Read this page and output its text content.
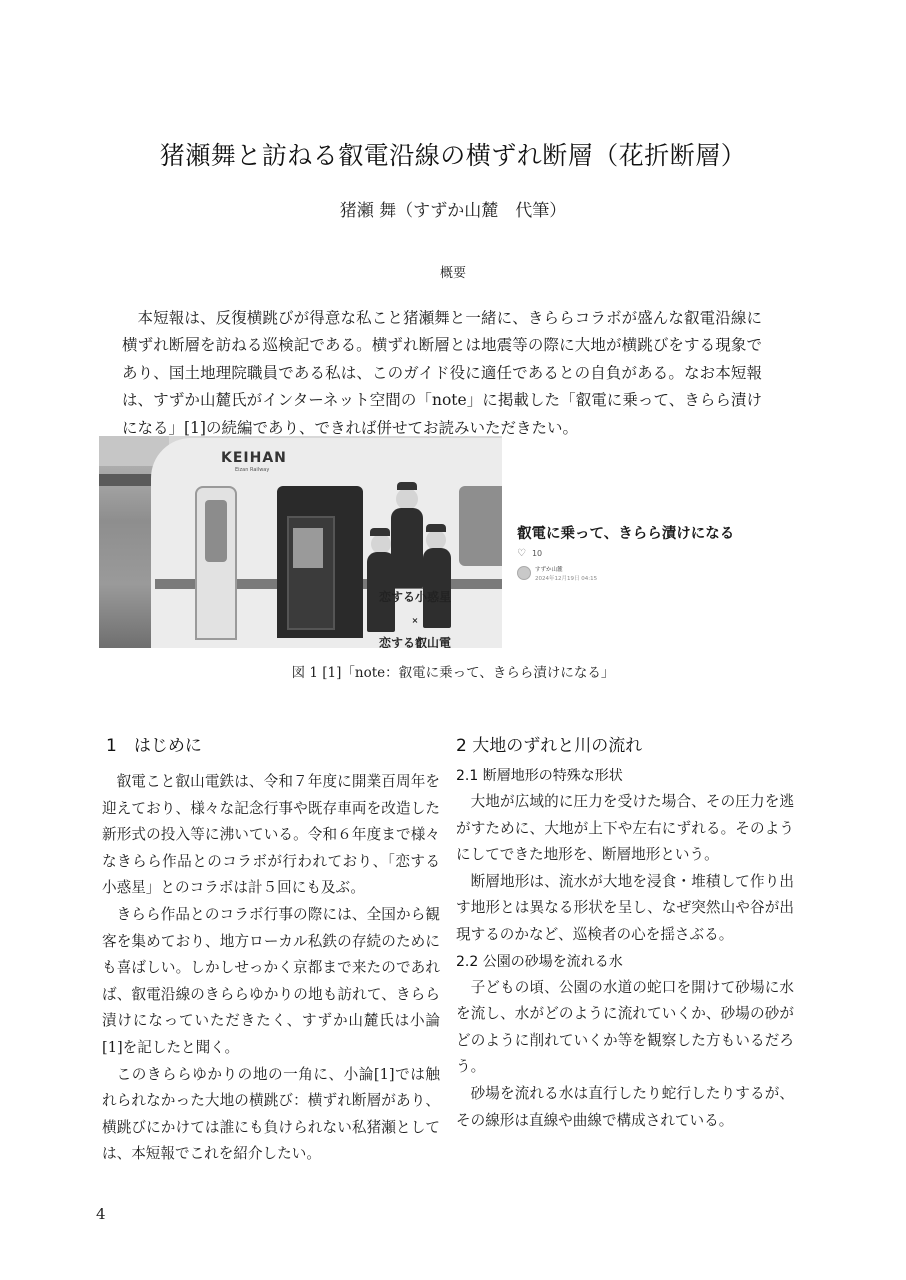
猪瀬舞と訪ねる叡電沿線の横ずれ断層（花折断層）
猪瀬 舞（すずか山麓　代筆）
概要

本短報は、反復横跳びが得意な私こと猪瀬舞と一緒に、きららコラボが盛んな叡電沿線に横ずれ断層を訪ねる巡検記である。横ずれ断層とは地震等の際に大地が横跳びをする現象であり、国土地理院職員である私は、このガイド役に適任であるとの自負がある。なお本短報は、すずか山麓氏がインターネット空間の「note」に掲載した「叡電に乗って、きらら漬けになる」[1]の続編であり、できれば併せてお読みいただきたい。

KEIHAN
Eizan Railway
恋する小惑星
×
恋する叡山電
叡電に乗って、きらら漬けになる
♡ 10
すずか山麓
2024年12月19日 04:15
図 1 [1]「note：叡電に乗って、きらら漬けになる」
1　はじめに

叡電こと叡山電鉄は、令和７年度に開業百周年を迎えており、様々な記念行事や既存車両を改造した新形式の投入等に沸いている。令和６年度まで様々なきらら作品とのコラボが行われており、「恋する小惑星」とのコラボは計５回にも及ぶ。

きらら作品とのコラボ行事の際には、全国から観客を集めており、地方ローカル私鉄の存続のためにも喜ばしい。しかしせっかく京都まで来たのであれば、叡電沿線のきららゆかりの地も訪れて、きらら漬けになっていただきたく、すずか山麓氏は小論[1]を記したと聞く。

このきららゆかりの地の一角に、小論[1]では触れられなかった大地の横跳び：横ずれ断層があり、横跳びにかけては誰にも負けられない私猪瀬としては、本短報でこれを紹介したい。

2 大地のずれと川の流れ
2.1 断層地形の特殊な形状

大地が広域的に圧力を受けた場合、その圧力を逃がすために、大地が上下や左右にずれる。そのようにしてできた地形を、断層地形という。

断層地形は、流水が大地を浸食・堆積して作り出す地形とは異なる形状を呈し、なぜ突然山や谷が出現するのかなど、巡検者の心を揺さぶる。

2.2 公園の砂場を流れる水

子どもの頃、公園の水道の蛇口を開けて砂場に水を流し、水がどのように流れていくか、砂場の砂がどのように削れていくか等を観察した方もいるだろう。

砂場を流れる水は直行したり蛇行したりするが、その線形は直線や曲線で構成されている。

4
